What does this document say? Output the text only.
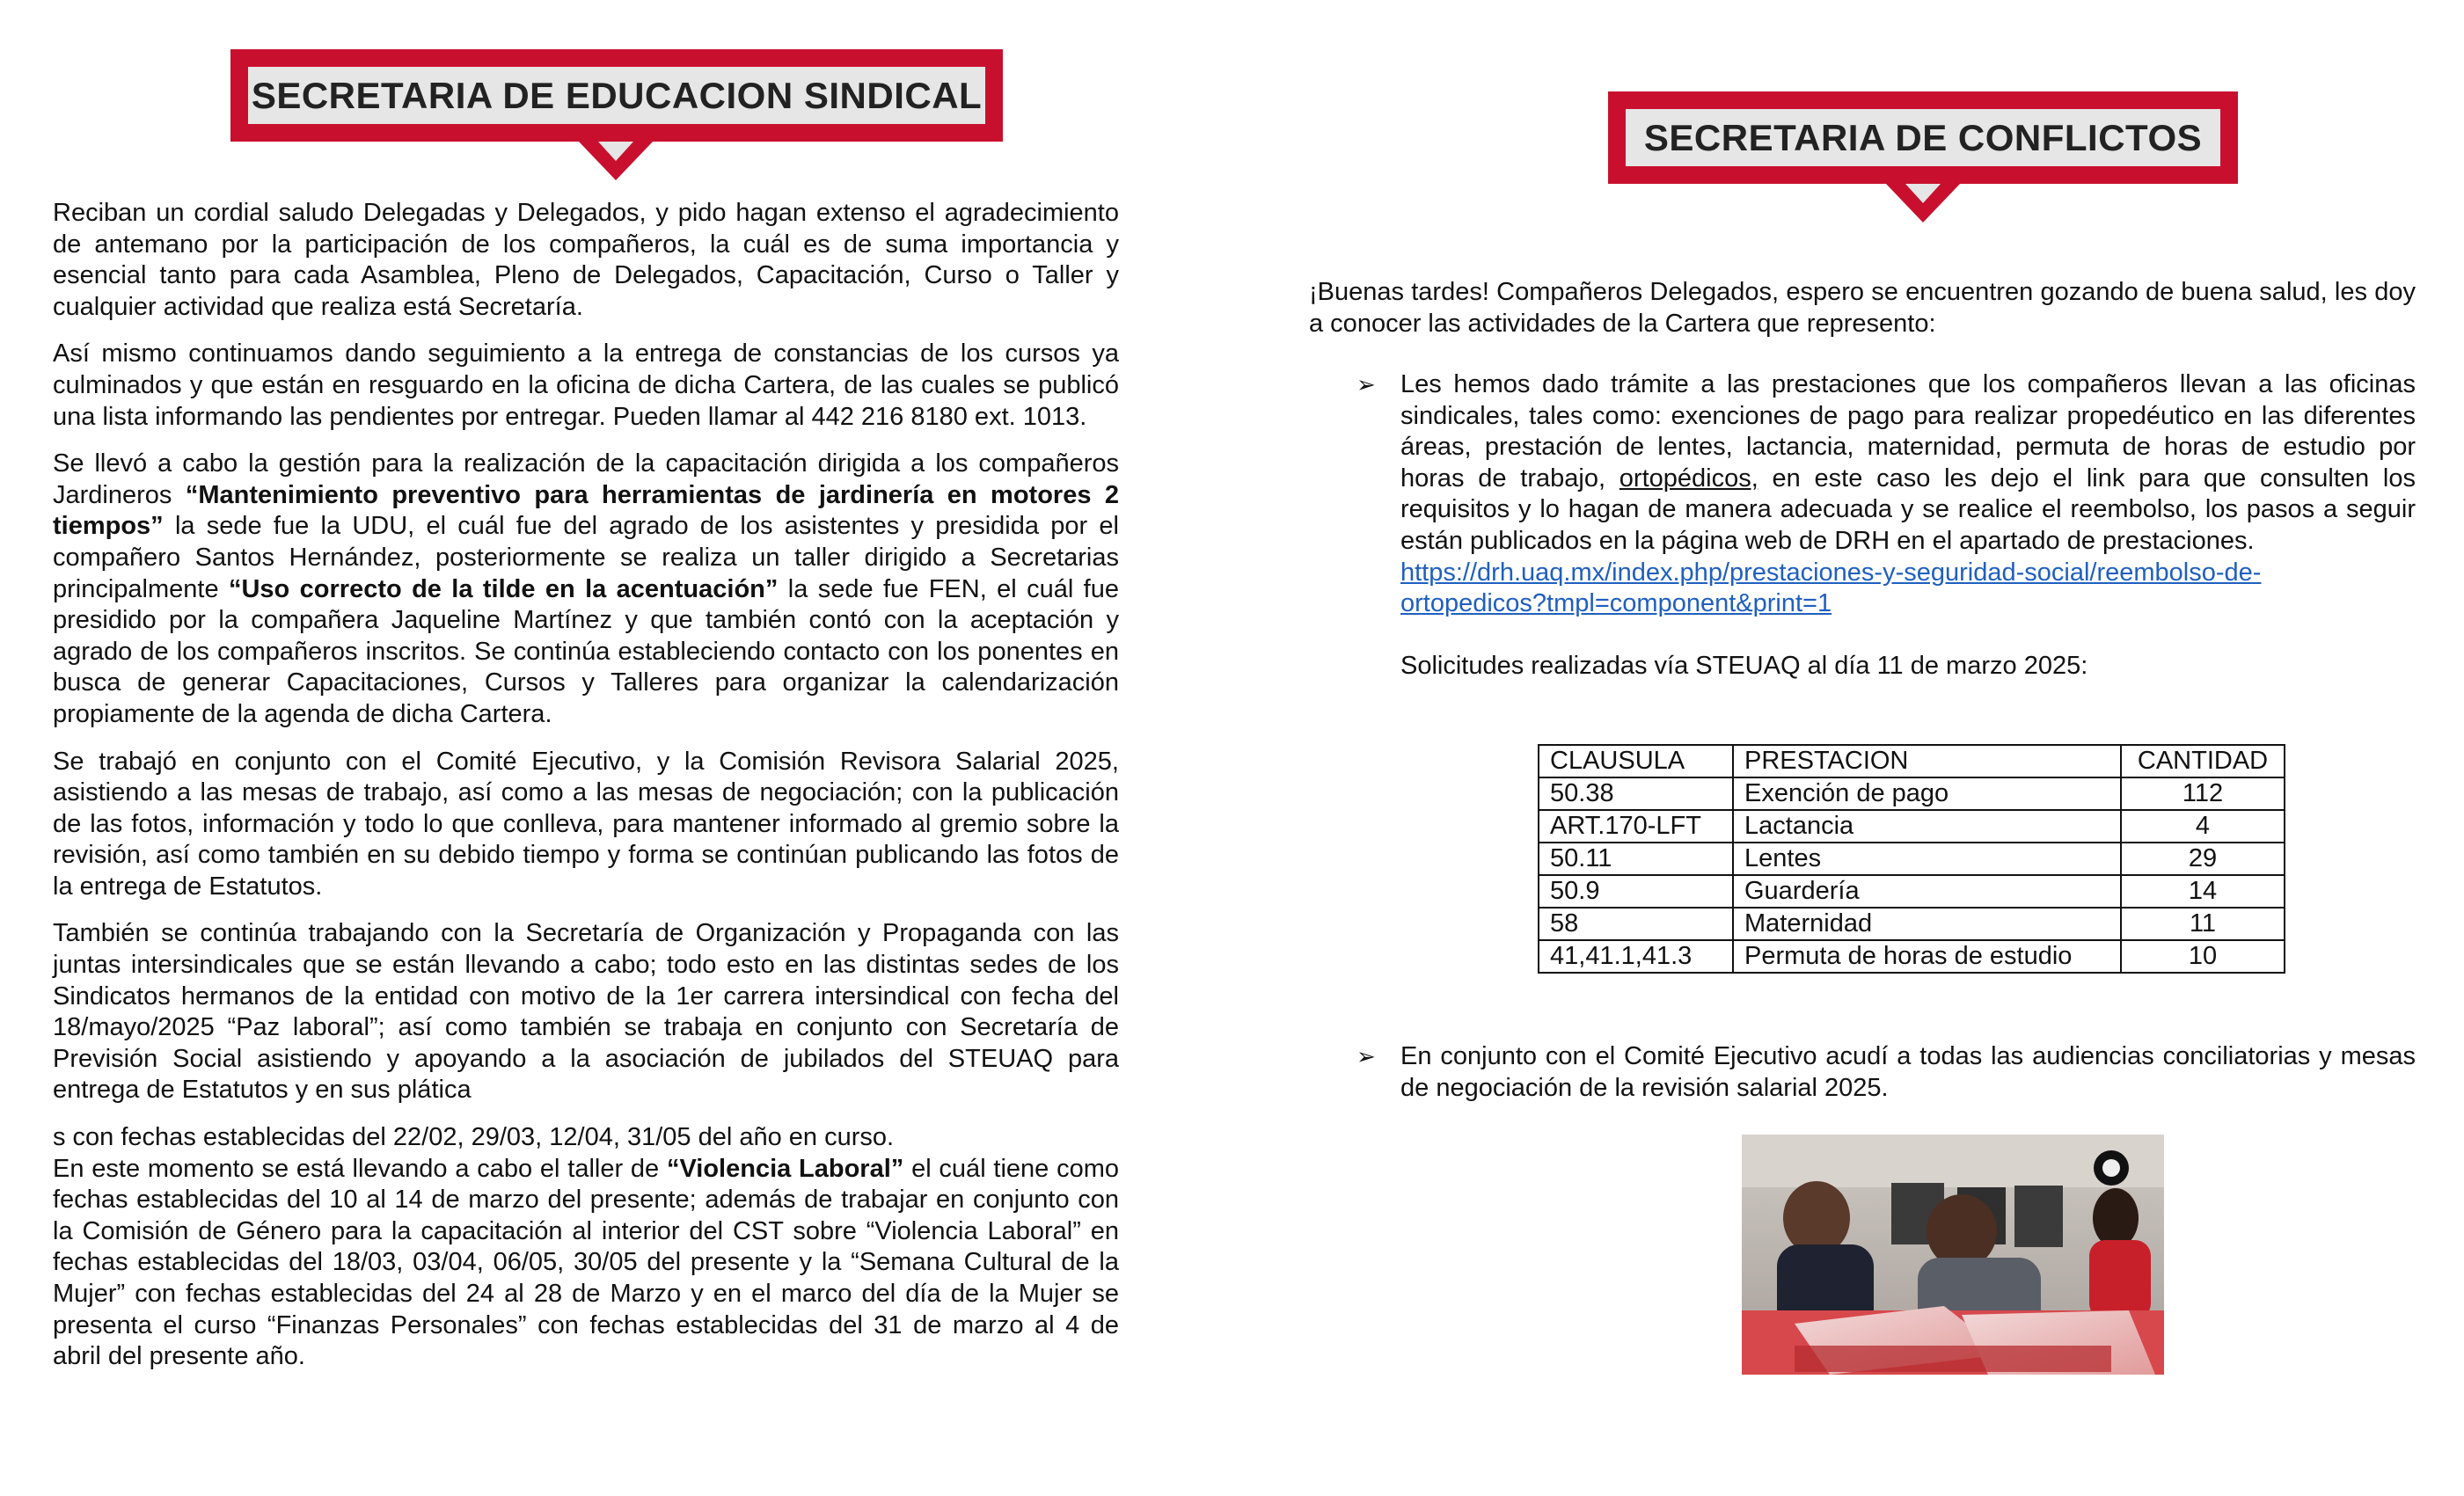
SECRETARIA DE EDUCACION SINDICAL

Reciban un cordial saludo Delegadas y Delegados, y pido hagan extenso el agradecimiento de antemano por la participación de los compañeros, la cuál es de suma importancia y esencial tanto para cada Asamblea, Pleno de Delegados, Capacitación, Curso o Taller y cualquier actividad que realiza está Secretaría.

Así mismo continuamos dando seguimiento a la entrega de constancias de los cursos ya culminados y que están en resguardo en la oficina de dicha Cartera, de las cuales se publicó una lista informando las pendientes por entregar. Pueden llamar al 442 216 8180 ext. 1013.

Se llevó a cabo la gestión para la realización de la capacitación dirigida a los compañeros Jardineros “Mantenimiento preventivo para herramientas de jardinería en motores 2 tiempos” la sede fue la UDU, el cuál fue del agrado de los asistentes y presidida por el compañero Santos Hernández, posteriormente se realiza un taller dirigido a Secretarias principalmente “Uso correcto de la tilde en la acentuación” la sede fue FEN, el cuál fue presidido por la compañera Jaqueline Martínez y que también contó con la aceptación y agrado de los compañeros inscritos. Se continúa estableciendo contacto con los ponentes en busca de generar Capacitaciones, Cursos y Talleres para organizar la calendarización propiamente de la agenda de dicha Cartera.

Se trabajó en conjunto con el Comité Ejecutivo, y la Comisión Revisora Salarial 2025, asistiendo a las mesas de trabajo, así como a las mesas de negociación; con la publicación de las fotos, información y todo lo que conlleva, para mantener informado al gremio sobre la revisión, así como también en su debido tiempo y forma se continúan publicando las fotos de la entrega de Estatutos.

También se continúa trabajando con la Secretaría de Organización y Propaganda con las juntas intersindicales que se están llevando a cabo; todo esto en las distintas sedes de los Sindicatos hermanos de la entidad con motivo de la 1er carrera intersindical con fecha del 18/mayo/2025 “Paz laboral”; así como también se trabaja en conjunto con Secretaría de Previsión Social asistiendo y apoyando a la asociación de jubilados del STEUAQ para entrega de Estatutos y en sus plática

s con fechas establecidas del 22/02, 29/03, 12/04, 31/05 del año en curso.

En este momento se está llevando a cabo el taller de “Violencia Laboral” el cuál tiene como fechas establecidas del 10 al 14 de marzo del presente; además de trabajar en conjunto con la Comisión de Género para la capacitación al interior del CST sobre “Violencia Laboral” en fechas establecidas del 18/03, 03/04, 06/05, 30/05 del presente y la “Semana Cultural de la Mujer” con fechas establecidas del 24 al 28 de Marzo y en el marco del día de la Mujer se presenta el curso “Finanzas Personales” con fechas establecidas del 31 de marzo al 4 de abril del presente año.

SECRETARIA DE CONFLICTOS

¡Buenas tardes! Compañeros Delegados, espero se encuentren gozando de buena salud, les doy a conocer las actividades de la Cartera que represento:

➢ Les hemos dado trámite a las prestaciones que los compañeros llevan a las oficinas sindicales, tales como: exenciones de pago para realizar propedéutico en las diferentes áreas, prestación de lentes, lactancia, maternidad, permuta de horas de estudio por horas de trabajo, ortopédicos, en este caso les dejo el link para que consulten los requisitos y lo hagan de manera adecuada y se realice el reembolso, los pasos a seguir están publicados en la página web de DRH en el apartado de prestaciones.
https://drh.uaq.mx/index.php/prestaciones-y-seguridad-social/reembolso-de-
ortopedicos?tmpl=component&print=1
Solicitudes realizadas vía STEUAQ al día 11 de marzo 2025:
CLAUSULA	PRESTACION	CANTIDAD
50.38	Exención de pago	112
ART.170-LFT	Lactancia	4
50.11	Lentes	29
50.9	Guardería	14
58	Maternidad	11
41,41.1,41.3	Permuta de horas de estudio	10
➢ En conjunto con el Comité Ejecutivo acudí a todas las audiencias conciliatorias y mesas de negociación de la revisión salarial 2025.
